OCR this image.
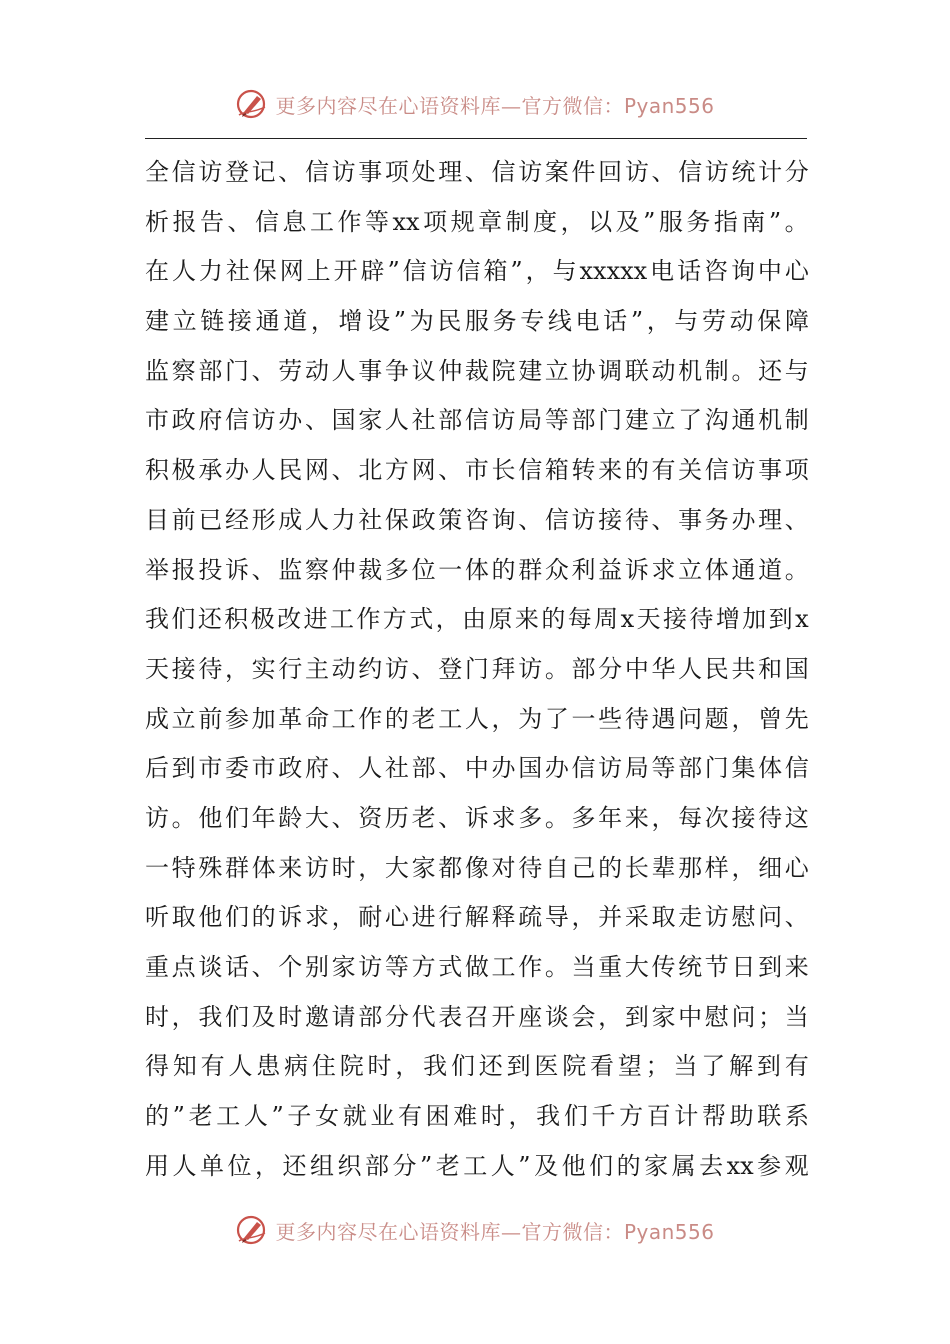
更多内容尽在心语资料库—官方微信：Pyan556
全 信 访 登 记 、 信 访 事 项 处 理 、 信 访 案 件 回 访 、 信 访 统 计 分
析 报 告 、 信 息 工 作 等 xx 项 规 章 制 度 ， 以 及 ” 服 务 指 南 ” 。
在 人 力 社 保 网 上 开 辟 ” 信 访 信 箱 ” ， 与 xxxxx 电 话 咨 询 中 心
建 立 链 接 通 道 ， 增 设 ” 为 民 服 务 专 线 电 话 ” ， 与 劳 动 保 障
监 察 部 门 、 劳 动 人 事 争 议 仲 裁 院 建 立 协 调 联 动 机 制 。 还 与
市 政 府 信 访 办 、 国 家 人 社 部 信 访 局 等 部 门 建 立 了 沟 通 机 制
积 极 承 办 人 民 网 、 北 方 网 、 市 长 信 箱 转 来 的 有 关 信 访 事 项
目 前 已 经 形 成 人 力 社 保 政 策 咨 询 、 信 访 接 待 、 事 务 办 理 、
举 报 投 诉 、 监 察 仲 裁 多 位 一 体 的 群 众 利 益 诉 求 立 体 通 道 。
我 们 还 积 极 改 进 工 作 方 式 ， 由 原 来 的 每 周 x 天 接 待 增 加 到 x
天 接 待 ， 实 行 主 动 约 访 、 登 门 拜 访 。 部 分 中 华 人 民 共 和 国
成 立 前 参 加 革 命 工 作 的 老 工 人 ， 为 了 一 些 待 遇 问 题 ， 曾 先
后 到 市 委 市 政 府 、 人 社 部 、 中 办 国 办 信 访 局 等 部 门 集 体 信
访 。 他 们 年 龄 大 、 资 历 老 、 诉 求 多 。 多 年 来 ， 每 次 接 待 这
一 特 殊 群 体 来 访 时 ， 大 家 都 像 对 待 自 己 的 长 辈 那 样 ， 细 心
听 取 他 们 的 诉 求 ， 耐 心 进 行 解 释 疏 导 ， 并 采 取 走 访 慰 问 、
重 点 谈 话 、 个 别 家 访 等 方 式 做 工 作 。 当 重 大 传 统 节 日 到 来
时 ， 我 们 及 时 邀 请 部 分 代 表 召 开 座 谈 会 ， 到 家 中 慰 问 ； 当
得 知 有 人 患 病 住 院 时 ， 我 们 还 到 医 院 看 望 ； 当 了 解 到 有
的 ” 老 工 人 ” 子 女 就 业 有 困 难 时 ， 我 们 千 方 百 计 帮 助 联 系
用 人 单 位 ， 还 组 织 部 分 ” 老 工 人 ” 及 他 们 的 家 属 去 xx 参 观
更多内容尽在心语资料库—官方微信：Pyan556
